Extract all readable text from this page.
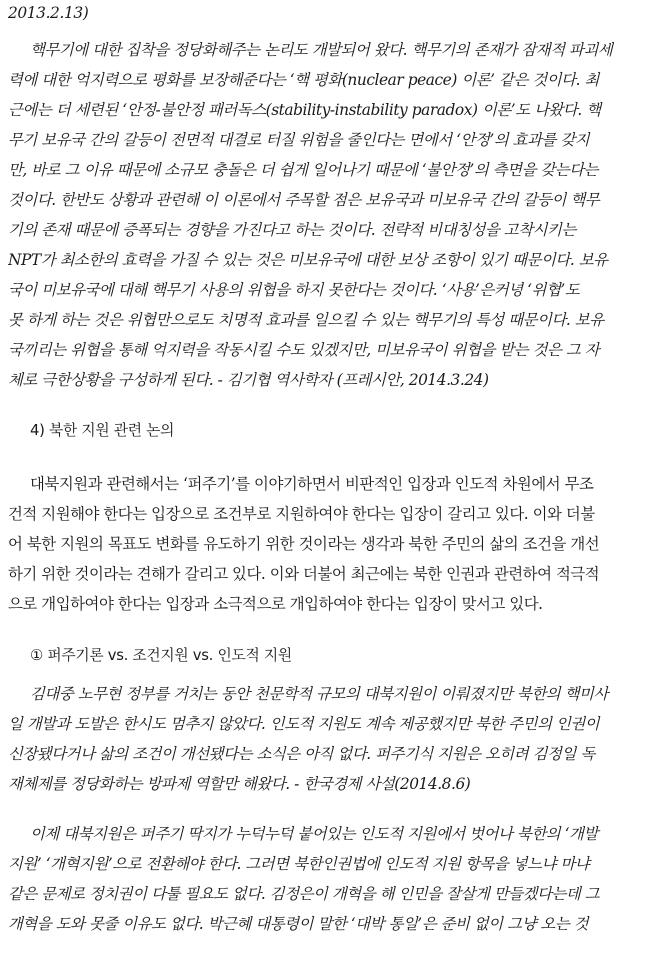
2013.2.13)
핵무기에 대한 집착을 정당화해주는 논리도 개발되어 왔다. 핵무기의 존재가 잠재적 파괴세
력에 대한 억지력으로 평화를 보장해준다는 ‘핵 평화(nuclear peace) 이론’ 같은 것이다. 최
근에는 더 세련된 ‘안정-불안정 패러독스(stability-instability paradox) 이론’도 나왔다. 핵
무기 보유국 간의 갈등이 전면적 대결로 터질 위험을 줄인다는 면에서 ‘안정’의 효과를 갖지
만, 바로 그 이유 때문에 소규모 충돌은 더 쉽게 일어나기 때문에 ‘불안정’의 측면을 갖는다는
것이다. 한반도 상황과 관련해 이 이론에서 주목할 점은 보유국과 미보유국 간의 갈등이 핵무
기의 존재 때문에 증폭되는 경향을 가진다고 하는 것이다. 전략적 비대칭성을 고착시키는
NPT가 최소한의 효력을 가질 수 있는 것은 미보유국에 대한 보상 조항이 있기 때문이다. 보유
국이 미보유국에 대해 핵무기 사용의 위협을 하지 못한다는 것이다. ‘사용’은커녕 ‘위협’도
못 하게 하는 것은 위협만으로도 치명적 효과를 일으킬 수 있는 핵무기의 특성 때문이다. 보유
국끼리는 위협을 통해 억지력을 작동시킬 수도 있겠지만, 미보유국이 위협을 받는 것은 그 자
체로 극한상황을 구성하게 된다. - 김기협 역사학자 (프레시안, 2014.3.24)
4) 북한 지원 관련 논의
대북지원과 관련해서는 ‘퍼주기’를 이야기하면서 비판적인 입장과 인도적 차원에서 무조
건적 지원해야 한다는 입장으로 조건부로 지원하여야 한다는 입장이 갈리고 있다. 이와 더불
어 북한 지원의 목표도 변화를 유도하기 위한 것이라는 생각과 북한 주민의 삶의 조건을 개선
하기 위한 것이라는 견해가 갈리고 있다. 이와 더불어 최근에는 북한 인권과 관련하여 적극적
으로 개입하여야 한다는 입장과 소극적으로 개입하여야 한다는 입장이 맞서고 있다.
① 퍼주기론 vs. 조건지원 vs. 인도적 지원
김대중 노무현 정부를 거치는 동안 천문학적 규모의 대북지원이 이뤄졌지만 북한의 핵미사
일 개발과 도발은 한시도 멈추지 않았다. 인도적 지원도 계속 제공했지만 북한 주민의 인권이
신장됐다거나 삶의 조건이 개선됐다는 소식은 아직 없다. 퍼주기식 지원은 오히려 김정일 독
재체제를 정당화하는 방파제 역할만 해왔다. - 한국경제 사설(2014.8.6)
이제 대북지원은 퍼주기 딱지가 누덕누덕 붙어있는 인도적 지원에서 벗어나 북한의 ‘개발
지원’ ‘개혁지원’으로 전환해야 한다. 그러면 북한인권법에 인도적 지원 항목을 넣느냐 마냐
같은 문제로 정치권이 다툴 필요도 없다. 김정은이 개혁을 해 인민을 잘살게 만들겠다는데 그
개혁을 도와 못줄 이유도 없다. 박근혜 대통령이 말한 ‘대박 통일’은 준비 없이 그냥 오는 것
